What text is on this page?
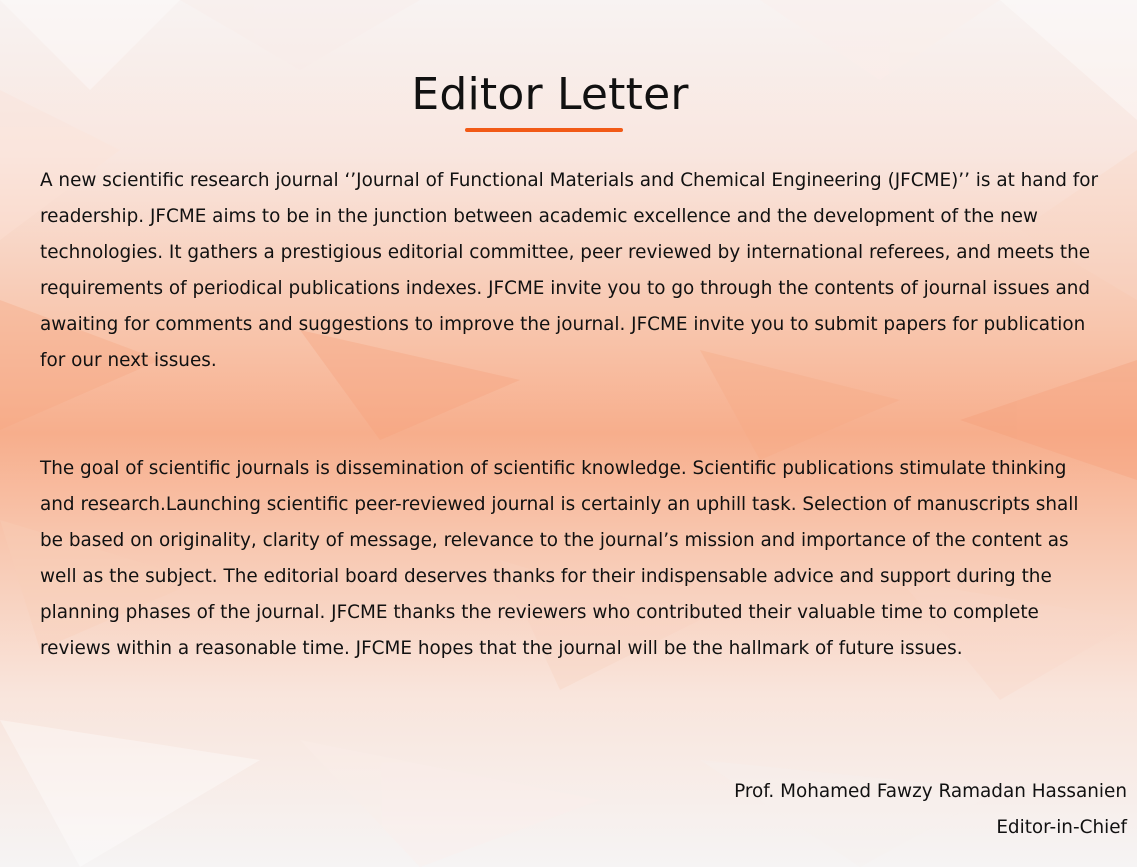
Editor Letter

A new scientific research journal ‘’Journal of Functional Materials and Chemical Engineering (JFCME)’’ is at hand for readership. JFCME aims to be in the junction between academic excellence and the development of the new technologies. It gathers a prestigious editorial committee, peer reviewed by international referees, and meets the requirements of periodical publications indexes. JFCME invite you to go through the contents of journal issues and awaiting for comments and suggestions to improve the journal. JFCME invite you to submit papers for publication for our next issues.

The goal of scientific journals is dissemination of scientific knowledge. Scientific publications stimulate thinking and research.Launching scientific peer-reviewed journal is certainly an uphill task. Selection of manuscripts shall be based on originality, clarity of message, relevance to the journal’s mission and importance of the content as well as the subject. The editorial board deserves thanks for their indispensable advice and support during the planning phases of the journal. JFCME thanks the reviewers who contributed their valuable time to complete reviews within a reasonable time. JFCME hopes that the journal will be the hallmark of future issues.

Prof. Mohamed Fawzy Ramadan Hassanien
Editor-in-Chief
